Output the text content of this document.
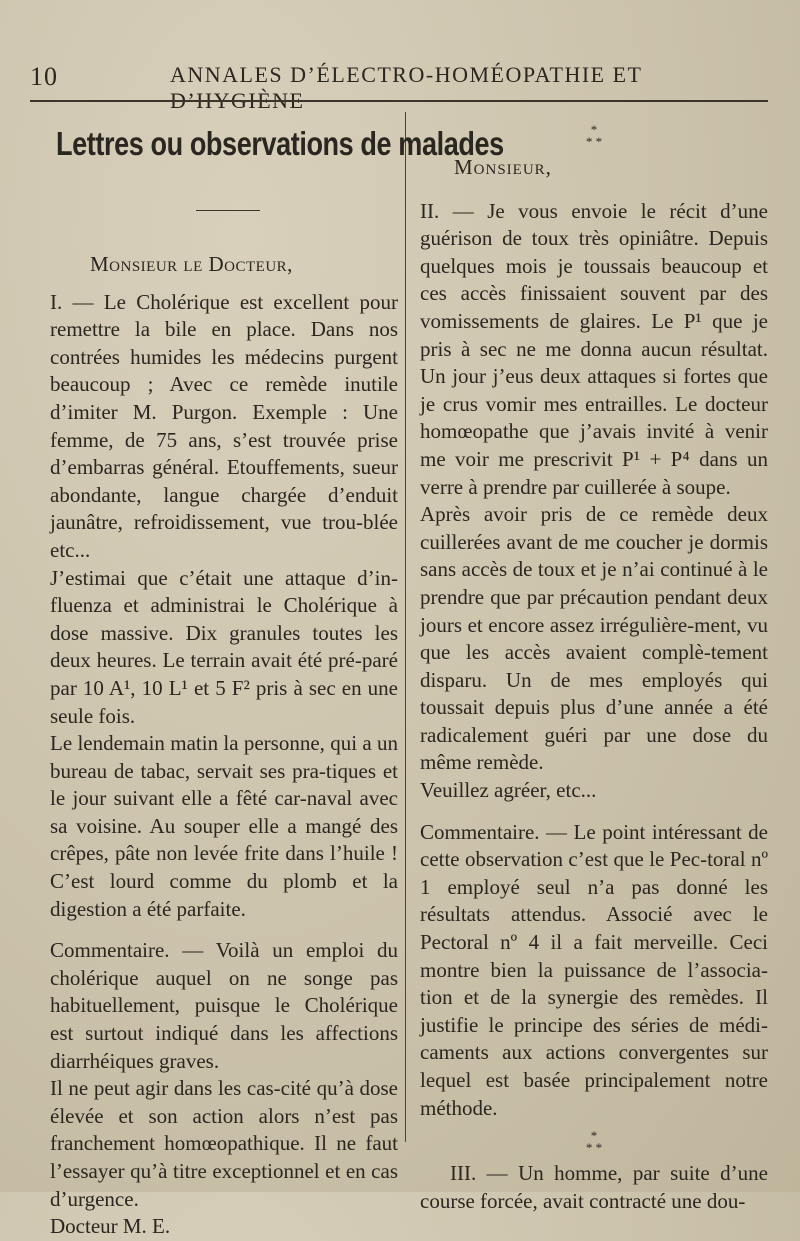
10	ANNALES D’ÉLECTRO-HOMÉOPATHIE ET D’HYGIÈNE
Lettres ou observations de malades

Monsieur le Docteur,

I. — Le Cholérique est excellent pour remettre la bile en place. Dans nos contrées humides les médecins purgent beaucoup ; Avec ce remède inutile d’imiter M. Purgon. Exemple : Une femme, de 75 ans, s’est trouvée prise d’embarras général. Etouffements, sueur abondante, langue chargée d’enduit jaunâtre, refroidissement, vue trou-blée etc...

J’estimai que c’était une attaque d’in-fluenza et administrai le Cholérique à dose massive. Dix granules toutes les deux heures. Le terrain avait été pré-paré par 10 A¹, 10 L¹ et 5 F² pris à sec en une seule fois.

Le lendemain matin la personne, qui a un bureau de tabac, servait ses pra-tiques et le jour suivant elle a fêté car-naval avec sa voisine. Au souper elle a mangé des crêpes, pâte non levée frite dans l’huile ! C’est lourd comme du plomb et la digestion a été parfaite.

Commentaire. — Voilà un emploi du cholérique auquel on ne songe pas habituellement, puisque le Cholérique est surtout indiqué dans les affections diarrhéiques graves.

Il ne peut agir dans les cas-cité qu’à dose élevée et son action alors n’est pas franchement homœopathique. Il ne faut l’essayer qu’à titre exceptionnel et en cas d’urgence.

Docteur M. E.

*
* *

Monsieur,

II. — Je vous envoie le récit d’une guérison de toux très opiniâtre. Depuis quelques mois je toussais beaucoup et ces accès finissaient souvent par des vomissements de glaires. Le P¹ que je pris à sec ne me donna aucun résultat. Un jour j’eus deux attaques si fortes que je crus vomir mes entrailles. Le docteur homœopathe que j’avais invité à venir me voir me prescrivit P¹ + P⁴ dans un verre à prendre par cuillerée à soupe.

Après avoir pris de ce remède deux cuillerées avant de me coucher je dormis sans accès de toux et je n’ai continué à le prendre que par précaution pendant deux jours et encore assez irrégulière-ment, vu que les accès avaient complè-tement disparu. Un de mes employés qui toussait depuis plus d’une année a été radicalement guéri par une dose du même remède.

Veuillez agréer, etc...

Commentaire. — Le point intéressant de cette observation c’est que le Pec-toral nº 1 employé seul n’a pas donné les résultats attendus. Associé avec le Pectoral nº 4 il a fait merveille. Ceci montre bien la puissance de l’associa-tion et de la synergie des remèdes. Il justifie le principe des séries de médi-caments aux actions convergentes sur lequel est basée principalement notre méthode.

*
* *

III. — Un homme, par suite d’une course forcée, avait contracté une dou-
